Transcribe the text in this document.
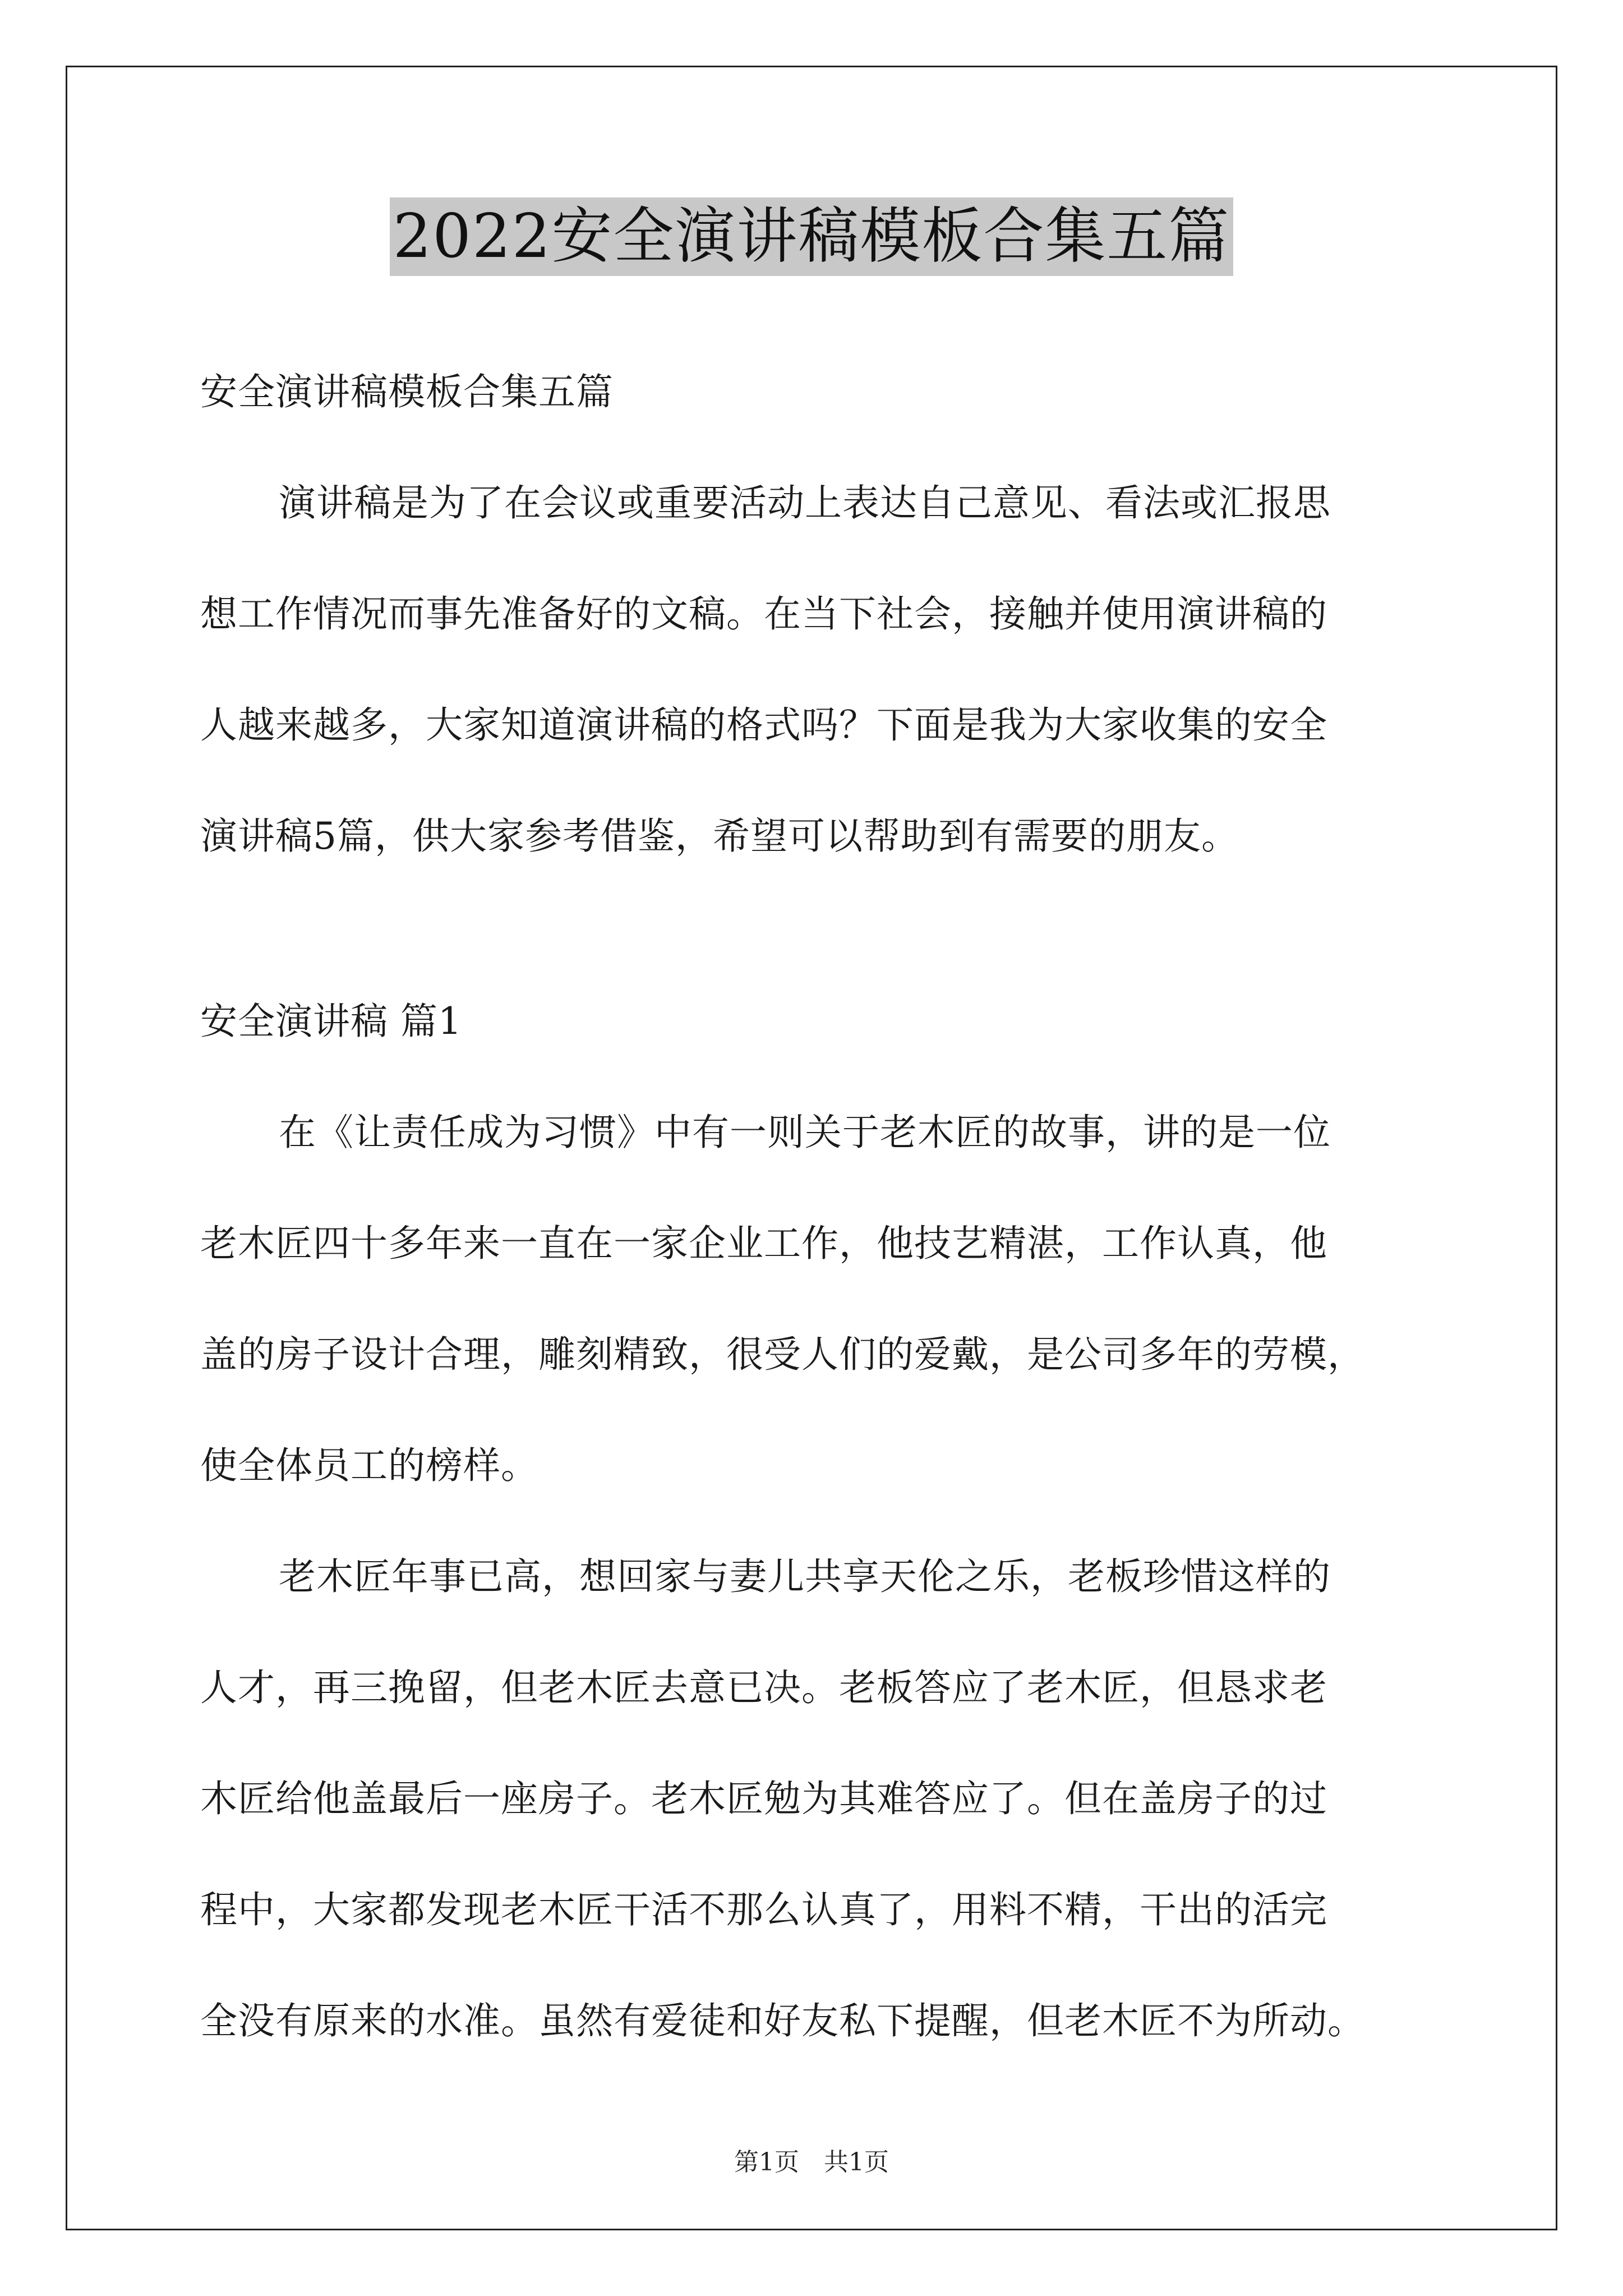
2022安全演讲稿模板合集五篇
安全演讲稿模板合集五篇
演讲稿是为了在会议或重要活动上表达自己意见、看法或汇报思
想工作情况而事先准备好的文稿。在当下社会，接触并使用演讲稿的
人越来越多，大家知道演讲稿的格式吗？下面是我为大家收集的安全
演讲稿5篇，供大家参考借鉴，希望可以帮助到有需要的朋友。
安全演讲稿 篇1
在《让责任成为习惯》中有一则关于老木匠的故事，讲的是一位
老木匠四十多年来一直在一家企业工作，他技艺精湛，工作认真，他
盖的房子设计合理，雕刻精致，很受人们的爱戴，是公司多年的劳模，
使全体员工的榜样。
老木匠年事已高，想回家与妻儿共享天伦之乐，老板珍惜这样的
人才，再三挽留，但老木匠去意已决。老板答应了老木匠，但恳求老
木匠给他盖最后一座房子。老木匠勉为其难答应了。但在盖房子的过
程中，大家都发现老木匠干活不那么认真了，用料不精，干出的活完
全没有原来的水准。虽然有爱徒和好友私下提醒，但老木匠不为所动。
第1页 共1页
